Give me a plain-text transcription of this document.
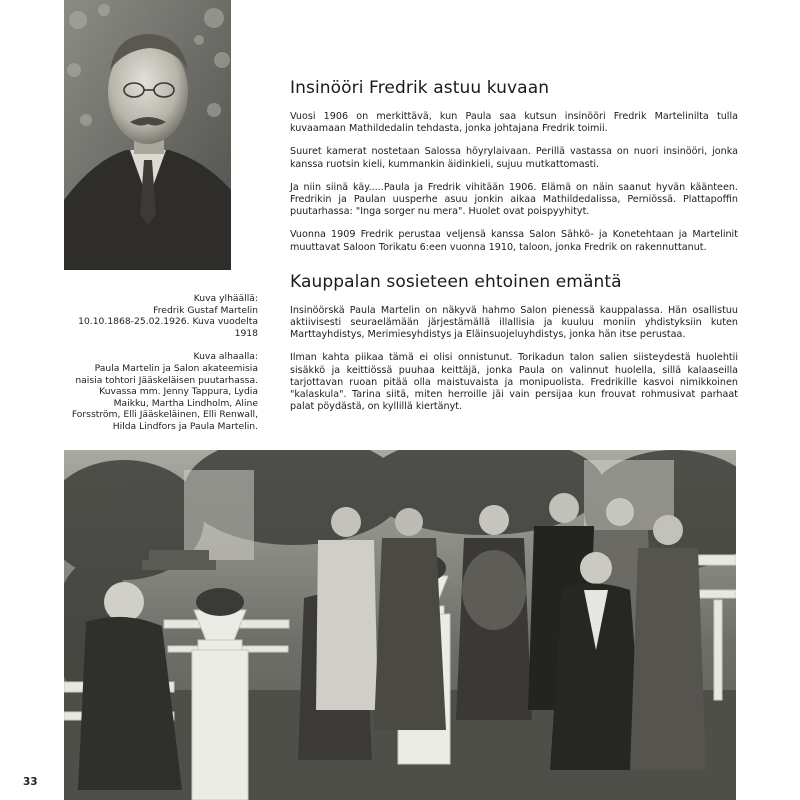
Kuva ylhäällä:

Fredrik Gustaf Martelin

10.10.1868-25.02.1926. Kuva vuodelta

1918

Kuva alhaalla:

Paula Martelin ja Salon akateemisia

naisia tohtori Jääskeläisen puutarhassa.

Kuvassa mm. Jenny Tappura, Lydia

Maikku, Martha Lindholm, Aline

Forsström, Elli Jääskeläinen, Elli Renwall,

Hilda Lindfors ja Paula Martelin.

Insinööri Fredrik astuu kuvaan

Vuosi 1906 on merkittävä, kun Paula saa kutsun insinööri Fredrik Martelinilta tulla kuvaamaan Mathildedalin tehdasta, jonka johtajana Fredrik toimii.

Suuret kamerat nostetaan Salossa höyrylaivaan. Perillä vastassa on nuori insinööri, jonka kanssa ruotsin kieli, kummankin äidinkieli, sujuu mutkattomasti.

Ja niin siinä käy.....Paula ja Fredrik vihitään 1906. Elämä on näin saanut hyvän käänteen. Fredrikin ja Paulan uusperhe asuu jonkin aikaa Mathildedalissa, Perniössä. Plattapoffin puutarhassa: "Inga sorger nu mera". Huolet ovat poispyyhityt.

Vuonna 1909 Fredrik perustaa veljensä kanssa Salon Sähkö- ja Konetehtaan ja Martelinit muuttavat Saloon Torikatu 6:een vuonna 1910, taloon, jonka Fredrik on rakennuttanut.

Kauppalan sosieteen ehtoinen emäntä

Insinöörskä Paula Martelin on näkyvä hahmo Salon pienessä kauppalassa. Hän osallistuu aktiivisesti seuraelämään järjestämällä illallisia ja kuuluu moniin yhdistyksiin kuten Marttayhdistys, Merimiesyhdistys ja Eläinsuojeluyhdistys, jonka hän itse perustaa.

Ilman kahta piikaa tämä ei olisi onnistunut. Torikadun talon salien siisteydestä huolehtii sisäkkö ja keittiössä puuhaa keittäjä, jonka Paula on valinnut huolella, sillä kalaaseilla tarjottavan ruoan pitää olla maistuvaista ja monipuolista. Fredrikille kasvoi nimikkoinen "kalaskula". Tarina siitä, miten herroille jäi vain persijaa kun frouvat rohmusivat parhaat palat pöydästä, on kyllillä kiertänyt.

33
